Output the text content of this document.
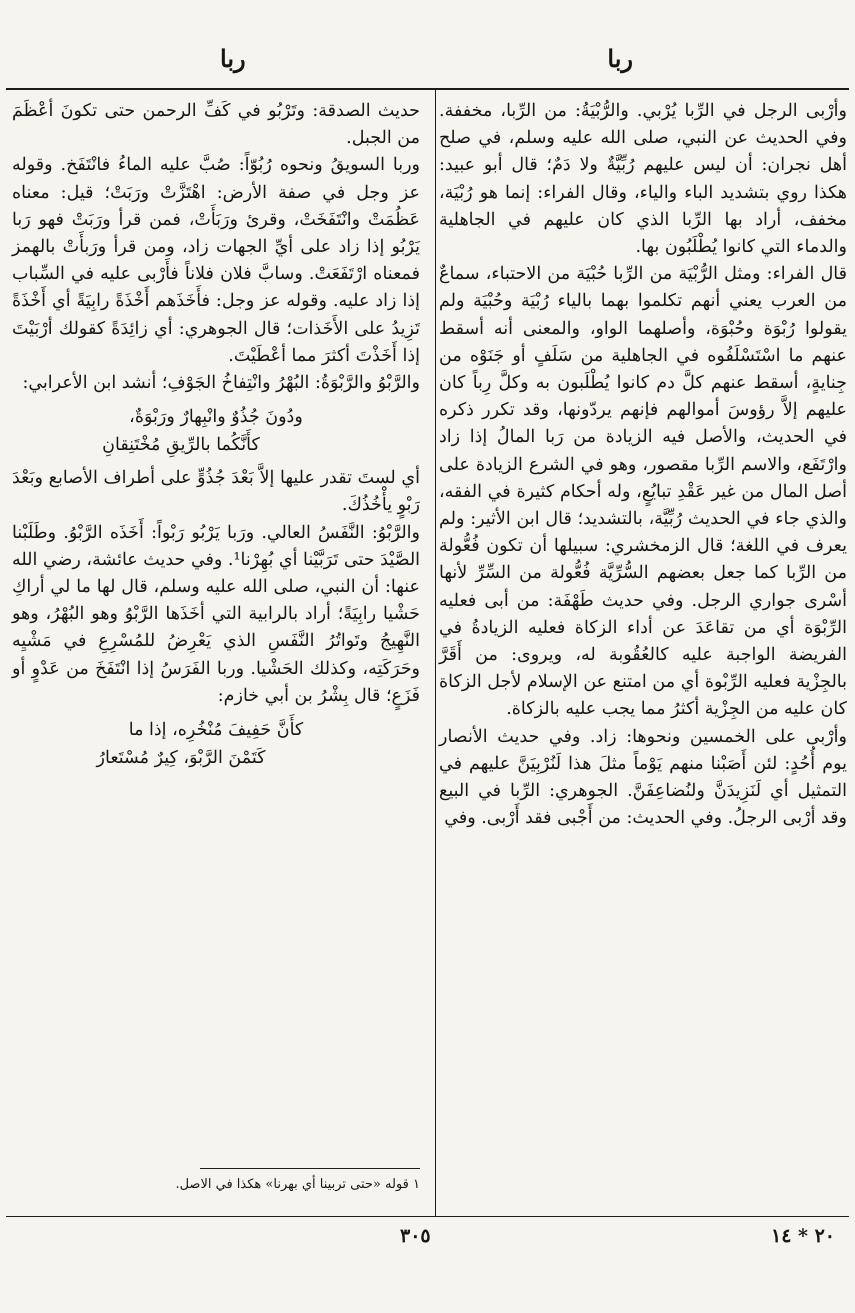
ربا
ربا

وأرْبى الرجل في الرِّبا يُرْبي. والرُّبْيَةُ: من الرِّبا، مخففة. وفي الحديث عن النبي، صلى الله عليه وسلم، في صلح أهل نجران: أن ليس عليهم رُبِّيَّةٌ ولا دَمٌ؛ قال أبو عبيد: هكذا روي بتشديد الباء والياء، وقال الفراء: إنما هو رُبْيَة، مخفف، أراد بها الرِّبا الذي كان عليهم في الجاهلية والدماء التي كانوا يُطْلَبُون بها.

قال الفراء: ومثل الرُّبْيَة من الرِّبا حُبْيَة من الاحتباء، سماعٌ من العرب يعني أنهم تكلموا بهما بالياء رُبْيَة وحُبْيَة ولم يقولوا رُبْوَة وحُبْوَة، وأصلهما الواو، والمعنى أنه أسقط عنهم ما اسْتَسْلَفُوه في الجاهلية من سَلَفٍ أو جَنَوْه من جِنايةٍ، أسقط عنهم كلَّ دم كانوا يُطْلَبون به وكلَّ رِباً كان عليهم إلاَّ رؤوسَ أموالهم فإنهم يردّونها، وقد تكرر ذكره في الحديث، والأصل فيه الزيادة من رَبا المالُ إذا زاد وارْتَفَع، والاسم الرِّبا مقصور، وهو في الشرع الزيادة على أصل المال من غير عَقْدِ تبايُعٍ، وله أحكام كثيرة في الفقه، والذي جاء في الحديث رُبِّيَّة، بالتشديد؛ قال ابن الأثير: ولم يعرف في اللغة؛ قال الزمخشري: سبيلها أن تكون فُعُّولة من الرِّبا كما جعل بعضهم السُّرِّيَّة فُعُّولة من السِّرِّ لأنها أسْرى جواري الرجل. وفي حديث طَهْفَة: من أبى فعليه الرِّبْوَة أي من تقاعَدَ عن أداء الزكاة فعليه الزيادةُ في الفريضة الواجبة عليه كالعُقُوبة له، ويروى: من أَقَرَّ بالجِزْية فعليه الرِّبْوة أي من امتنع عن الإسلام لأجل الزكاة كان عليه من الجِزْية أكثرُ مما يجب عليه بالزكاة.

وأرْبى على الخمسين ونحوها: زاد. وفي حديث الأنصار يوم أُحُدٍ: لئن أَصَبْنا منهم يَوْماً مثلَ هذا لَنُرْبِيَنَّ عليهم في التمثيل أي لَنَزِيدَنَّ ولنُضاعِفَنَّ. الجوهري: الرِّبا في البيع وقد أرْبى الرجلُ. وفي الحديث: من أَجْبى فقد أَرْبى. وفي

حديث الصدقة: وتَرْبُو في كَفِّ الرحمن حتى تكونَ أعْظَمَ من الجبل.

وربا السويقُ ونحوه رُبُوّاً: صُبَّ عليه الماءُ فانْتَفَخ. وقوله عز وجل في صفة الأرض: اهْتَزَّتْ ورَبَتْ؛ قيل: معناه عَظُمَتْ وانْتَفَخَتْ، وقرئ ورَبَأَتْ، فمن قرأ ورَبَتْ فهو رَبا يَرْبُو إذا زاد على أيِّ الجهات زاد، ومن قرأ ورَبأَتْ بالهمز فمعناه ارْتَفَعَتْ. وسابَّ فلان فلاناً فأَرْبى عليه في السِّباب إذا زاد عليه. وقوله عز وجل: فأَخَذَهم أَخْذَةً رابِيَةً أي أَخْذَةً تَزِيدُ على الأَخَذات؛ قال الجوهري: أي زائِدَةً كقولك أرْبَيْتَ إذا أَخَذْتَ أكثرَ مما أعْطَيْتَ.

والرَّبْوُ والرَّبْوَةُ: البُهْرُ وانْتِفاخُ الجَوْفِ؛ أنشد ابن الأعرابي:

ودُونَ جُذُوٌ وانْبِهارٌ ورَبْوَةٌ،
كأَنَّكُما بالرِّيقِ مُخْتَنِقانِ

أي لستَ تقدر عليها إلاَّ بَعْدَ جُذُوٍّ على أطراف الأصابع وبَعْدَ رَبْوٍ يأْخُذُكَ.

والرَّبْوُ: النَّفَسُ العالي. ورَبا يَرْبُو رَبْواً: أَخَذَه الرَّبْوُ. وطَلَبْنا الصَّيْدَ حتى تَرَبَّيْنا أي بُهِرْنا¹. وفي حديث عائشة، رضي الله عنها: أن النبي، صلى الله عليه وسلم، قال لها ما لي أراكِ حَشْيا رابِيَةً؛ أراد بالرابية التي أخَذَها الرَّبْوُ وهو البُهْرُ، وهو النَّهِيجُ وتَواتُرُ النَّفَسِ الذي يَعْرِضُ للمُسْرِعِ في مَشْيِه وحَرَكَتِه، وكذلك الحَشْيا. وربا الفَرَسُ إذا انْتَفَخَ من عَدْوٍ أو فَزَعٍ؛ قال بِشْرُ بن أبي خازم:

كأَنَّ حَفِيفَ مُنْخُرِه، إذا ما
كَتَمْنَ الرَّبْوَ، كِيرٌ مُسْتَعارُ
١ قوله «حتى تربينا أي بهرنا» هكذا في الاصل.
٣٠٥	٢٠ * ١٤
